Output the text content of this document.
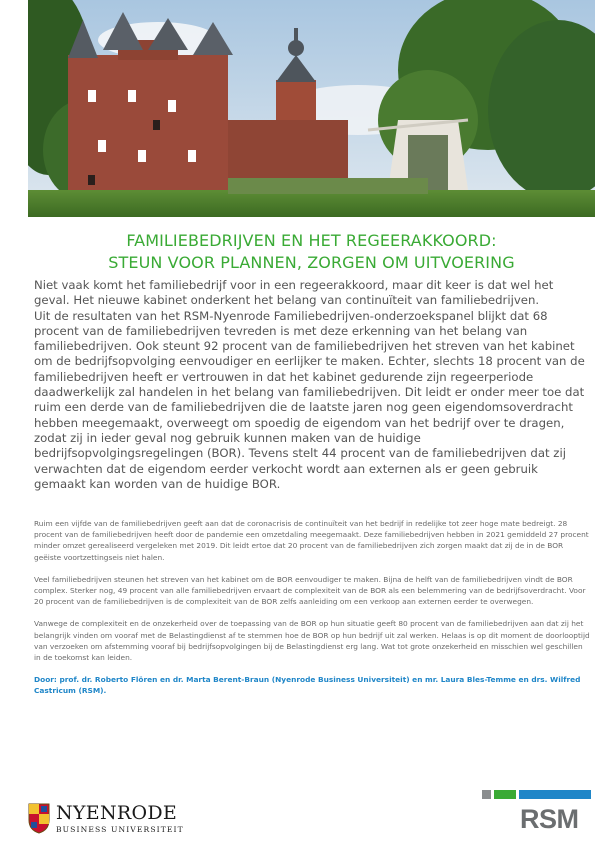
FAMILIEBEDRIJVEN EN HET REGEERAKKOORD:
STEUN VOOR PLANNEN, ZORGEN OM UITVOERING

Niet vaak komt het familiebedrijf voor in een regeerakkoord, maar dit keer is dat wel het geval. Het nieuwe kabinet onderkent het belang van continuïteit van familiebedrijven.

Uit de resultaten van het RSM-Nyenrode Familiebedrijven-onderzoekspanel blijkt dat 68 procent van de familiebedrijven tevreden is met deze erkenning van het belang van familiebedrijven. Ook steunt 92 procent van de familiebedrijven het streven van het kabinet om de bedrijfsopvolging eenvoudiger en eerlijker te maken. Echter, slechts 18 procent van de familiebedrijven heeft er vertrouwen in dat het kabinet gedurende zijn regeerperiode daadwerkelijk zal handelen in het belang van familiebedrijven. Dit leidt er onder meer toe dat ruim een derde van de familiebedrijven die de laatste jaren nog geen eigendomsoverdracht hebben meegemaakt, overweegt om spoedig de eigendom van het bedrijf over te dragen, zodat zij in ieder geval nog gebruik kunnen maken van de huidige bedrijfsopvolgingsregelingen (BOR). Tevens stelt 44 procent van de familiebedrijven dat zij verwachten dat de eigendom eerder verkocht wordt aan externen als er geen gebruik gemaakt kan worden van de huidige BOR.

Ruim een vijfde van de familiebedrijven geeft aan dat de coronacrisis de continuïteit van het bedrijf in redelijke tot zeer hoge mate bedreigt. 28 procent van de familiebedrijven heeft door de pandemie een omzetdaling meegemaakt. Deze familiebedrijven hebben in 2021 gemiddeld 27 procent minder omzet gerealiseerd vergeleken met 2019. Dit leidt ertoe dat 20 procent van de familiebedrijven zich zorgen maakt dat zij de in de BOR geëiste voortzettingseis niet halen.

Veel familiebedrijven steunen het streven van het kabinet om de BOR eenvoudiger te maken. Bijna de helft van de familiebedrijven vindt de BOR complex. Sterker nog, 49 procent van alle familiebedrijven ervaart de complexiteit van de BOR als een belemmering van de bedrijfsoverdracht. Voor 20 procent van de familiebedrijven is de complexiteit van de BOR zelfs aanleiding om een verkoop aan externen eerder te overwegen.

Vanwege de complexiteit en de onzekerheid over de toepassing van de BOR op hun situatie geeft 80 procent van de familiebedrijven aan dat zij het belangrijk vinden om vooraf met de Belastingdienst af te stemmen hoe de BOR op hun bedrijf uit zal werken. Helaas is op dit moment de doorlooptijd van verzoeken om afstemming vooraf bij bedrijfsopvolgingen bij de Belastingdienst erg lang. Wat tot grote onzekerheid en misschien wel geschillen in de toekomst kan leiden.

Door: prof. dr. Roberto Flören en dr. Marta Berent-Braun (Nyenrode Business Universiteit) en mr. Laura Bles-Temme en drs. Wilfred Castricum (RSM).

NYENRODE
BUSINESS UNIVERSITEIT	RSM
